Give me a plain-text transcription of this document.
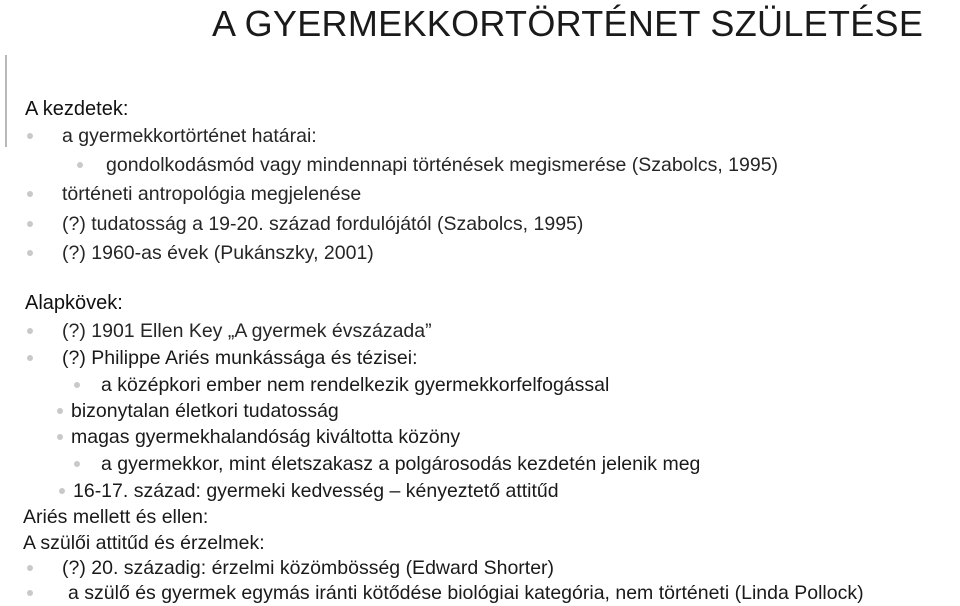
A GYERMEKKORTÖRTÉNET SZÜLETÉSE
A kezdetek:
a gyermekkortörténet határai:
gondolkodásmód vagy mindennapi történések megismerése (Szabolcs, 1995)
történeti antropológia megjelenése
(?) tudatosság a 19-20. század fordulójától (Szabolcs, 1995)
(?) 1960-as évek (Pukánszky, 2001)
Alapkövek:
(?) 1901 Ellen Key „A gyermek évszázada”
(?) Philippe Ariés munkássága és tézisei:
a középkori ember nem rendelkezik gyermekkorfelfogással
bizonytalan életkori tudatosság
magas gyermekhalandóság kiváltotta közöny
a gyermekkor, mint életszakasz a polgárosodás kezdetén jelenik meg
16-17. század: gyermeki kedvesség – kényeztető attitűd
Ariés mellett és ellen:
A szülői attitűd és érzelmek:
(?) 20. századig: érzelmi közömbösség (Edward Shorter)
a szülő és gyermek egymás iránti kötődése biológiai kategória, nem történeti (Linda Pollock)
